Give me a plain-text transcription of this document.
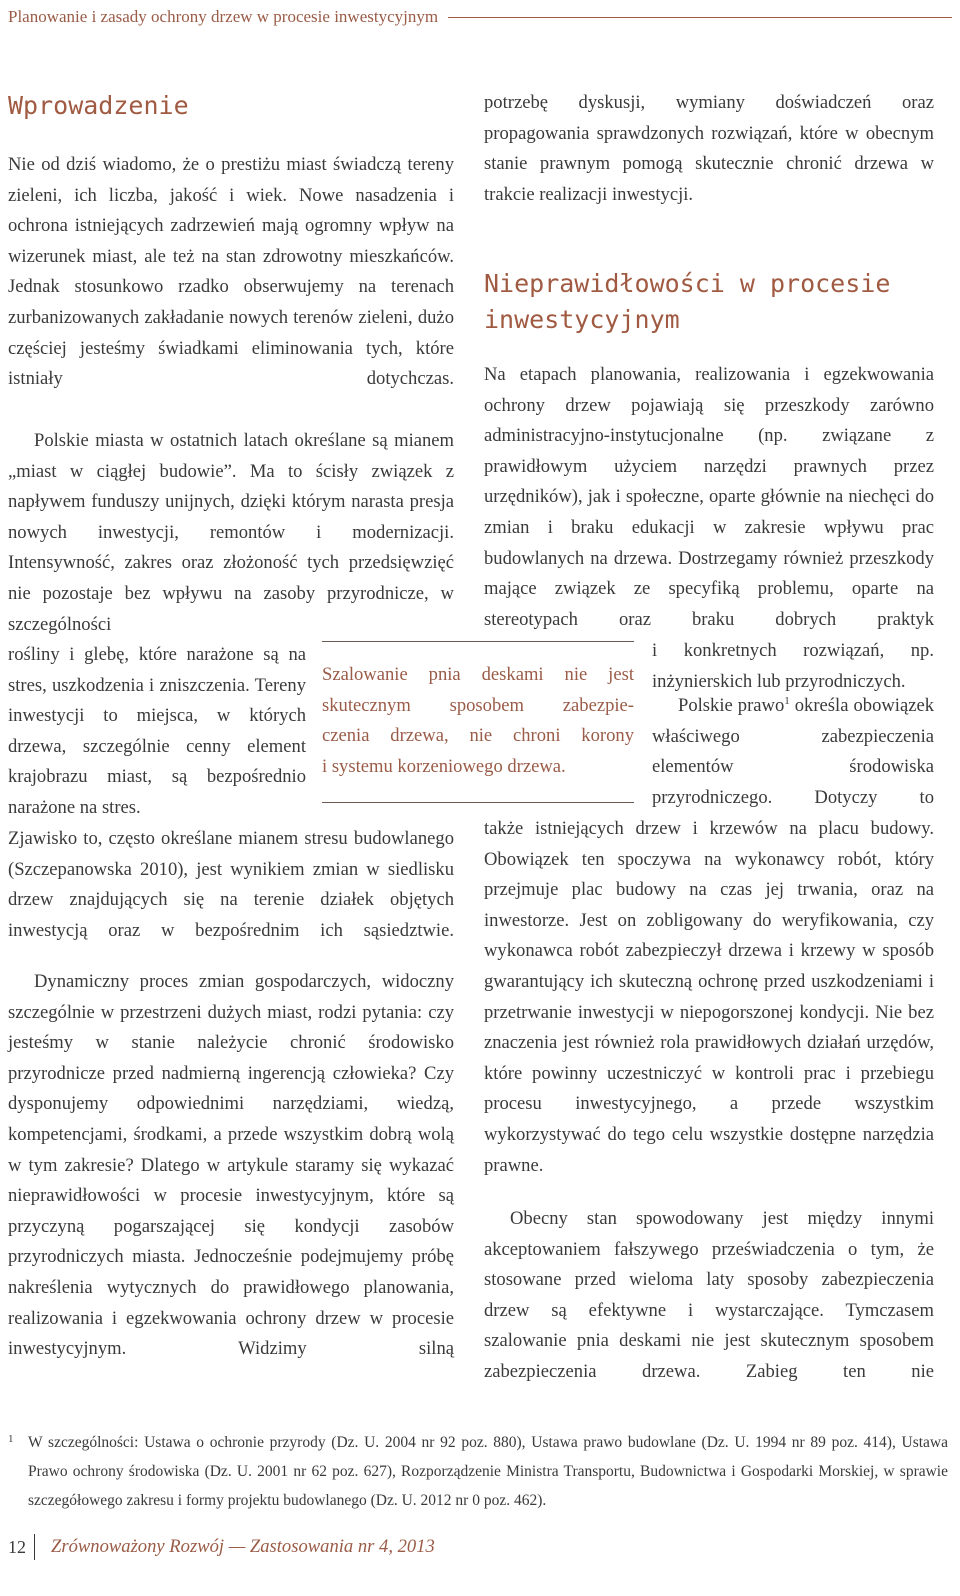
Planowanie i zasady ochrony drzew w procesie inwestycyjnym
Wprowadzenie

Nie od dziś wiadomo, że o prestiżu miast świadczą tereny zieleni, ich liczba, jakość i wiek. Nowe nasadzenia i ochrona istniejących zadrzewień mają ogromny wpływ na wizerunek miast, ale też na stan zdrowotny mieszkańców. Jednak stosunkowo rzadko obserwujemy na terenach zurbanizowanych zakładanie nowych terenów zieleni, dużo częściej jesteśmy świadkami eliminowania tych, które istniały dotychczas.

Polskie miasta w ostatnich latach określane są mianem „miast w ciągłej budowie”. Ma to ścisły związek z napływem funduszy unijnych, dzięki którym narasta presja nowych inwestycji, remontów i modernizacji. Intensywność, zakres oraz złożoność tych przedsięwzięć nie pozostaje bez wpływu na zasoby przyrodnicze, w szczególności

rośliny i glebę, które narażone są na stres, uszkodzenia i zniszczenia. Tereny inwestycji to miejsca, w których drzewa, szczególnie cenny element krajobrazu miast, są bezpośrednio narażone na stres.

Zjawisko to, często określane mianem stresu budowlanego (Szczepanowska 2010), jest wynikiem zmian w siedlisku drzew znajdujących się na terenie działek objętych inwestycją oraz w bezpośrednim ich sąsiedztwie.

Dynamiczny proces zmian gospodarczych, widoczny szczególnie w przestrzeni dużych miast, rodzi pytania: czy jesteśmy w stanie należycie chronić środowisko przyrodnicze przed nadmierną ingerencją człowieka? Czy dysponujemy odpowiednimi narzędziami, wiedzą, kompetencjami, środkami, a przede wszystkim dobrą wolą w tym zakresie? Dlatego w artykule staramy się wykazać nieprawidłowości w procesie inwestycyjnym, które są przyczyną pogarszającej się kondycji zasobów przyrodniczych miasta. Jednocześnie podejmujemy próbę nakreślenia wytycznych do prawidłowego planowania, realizowania i egzekwowania ochrony drzew w procesie inwestycyjnym. Widzimy silną

Szalowanie pnia deskami nie jest
skutecznym sposobem zabezpie-
czenia drzewa, nie chroni korony
i systemu korzeniowego drzewa.

potrzebę dyskusji, wymiany doświadczeń oraz propagowania sprawdzonych rozwiązań, które w obecnym stanie prawnym pomogą skutecznie chronić drzewa w trakcie realizacji inwestycji.

Nieprawidłowości w procesie
inwestycyjnym

Na etapach planowania, realizowania i egzekwowania ochrony drzew pojawiają się przeszkody zarówno administracyjno-instytucjonalne (np. związane z prawidłowym użyciem narzędzi prawnych przez urzędników), jak i społeczne, oparte głównie na niechęci do zmian i braku edukacji w zakresie wpływu prac budowlanych na drzewa. Dostrzegamy również przeszkody mające związek ze specyfiką problemu, oparte na stereotypach oraz braku dobrych praktyk

i konkretnych rozwiązań, np. inżynierskich lub przyrodniczych.

Polskie prawo$^1$ określa obowiązek właściwego zabezpieczenia elementów środowiska przyrodniczego. Dotyczy to

także istniejących drzew i krzewów na placu budowy. Obowiązek ten spoczywa na wykonawcy robót, który przejmuje plac budowy na czas jej trwania, oraz na inwestorze. Jest on zobligowany do weryfikowania, czy wykonawca robót zabezpieczył drzewa i krzewy w sposób gwarantujący ich skuteczną ochronę przed uszkodzeniami i przetrwanie inwestycji w niepogorszonej kondycji. Nie bez znaczenia jest również rola prawidłowych działań urzędów, które powinny uczestniczyć w kontroli prac i przebiegu procesu inwestycyjnego, a przede wszystkim wykorzystywać do tego celu wszystkie dostępne narzędzia prawne.

Obecny stan spowodowany jest między innymi akceptowaniem fałszywego przeświadczenia o tym, że stosowane przed wieloma laty sposoby zabezpieczenia drzew są efektywne i wystarczające. Tymczasem szalowanie pnia deskami nie jest skutecznym sposobem zabezpieczenia drzewa. Zabieg ten nie

1 W szczególności: Ustawa o ochronie przyrody (Dz. U. 2004 nr 92 poz. 880), Ustawa prawo budowlane (Dz. U. 1994 nr 89 poz. 414), Ustawa Prawo ochrony środowiska (Dz. U. 2001 nr 62 poz. 627), Rozporządzenie Ministra Transportu, Budownictwa i Gospodarki Morskiej, w sprawie szczegółowego zakresu i formy projektu budowlanego (Dz. U. 2012 nr 0 poz. 462).
12 Zrównoważony Rozwój — Zastosowania nr 4, 2013
